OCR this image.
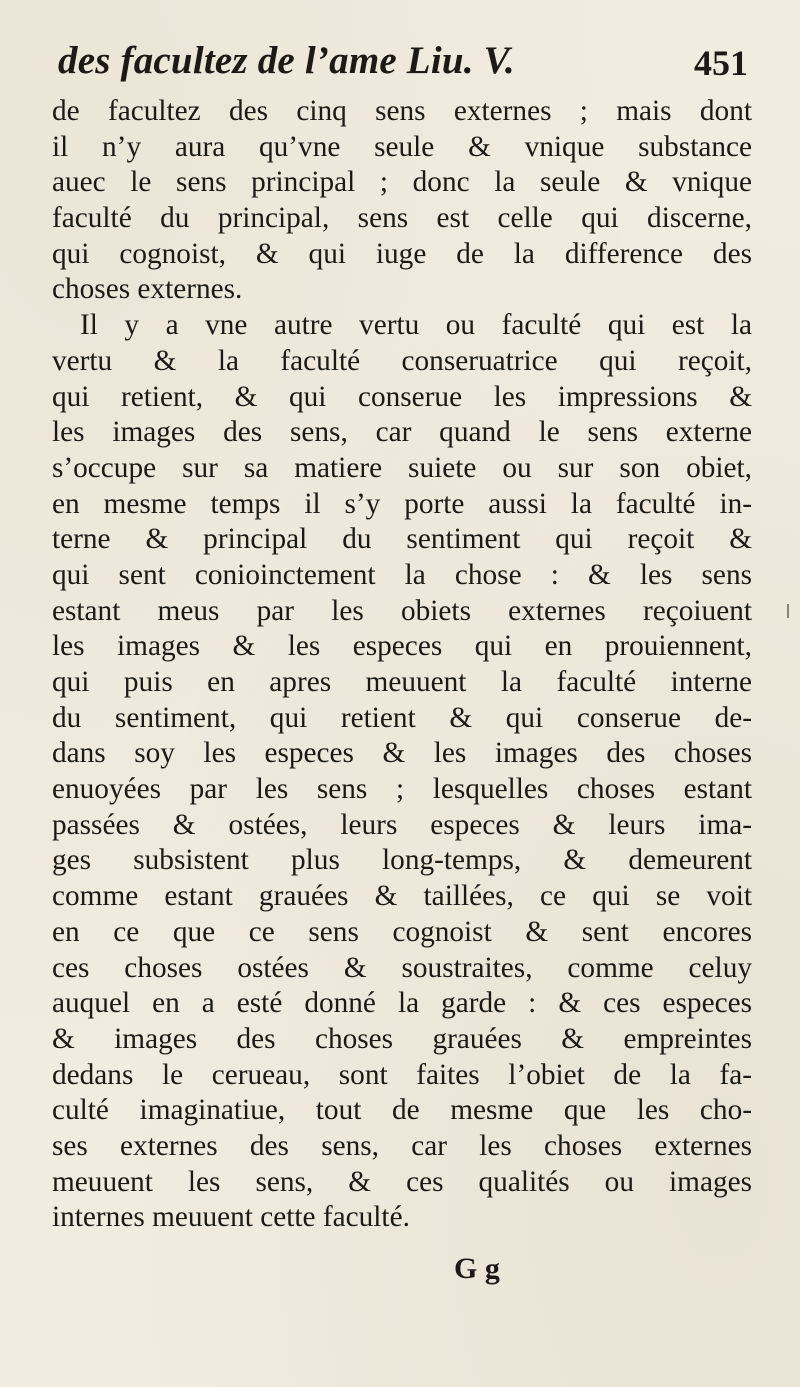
des facultez de l’ame Liu. V.	451
de facultez des cinq sens externes ; mais dont
il n’y aura qu’vne seule & vnique substance
auec le sens principal ; donc la seule & vnique
faculté du principal, sens est celle qui discerne,
qui cognoist, & qui iuge de la difference des
choses externes.
Il y a vne autre vertu ou faculté qui est la
vertu & la faculté conseruatrice qui reçoit,
qui retient, & qui conserue les impressions &
les images des sens, car quand le sens externe
s’occupe sur sa matiere suiete ou sur son obiet,
en mesme temps il s’y porte aussi la faculté in-
terne & principal du sentiment qui reçoit &
qui sent conioinctement la chose : & les sens
estant meus par les obiets externes reçoiuent
les images & les especes qui en prouiennent,
qui puis en apres meuuent la faculté interne
du sentiment, qui retient & qui conserue de-
dans soy les especes & les images des choses
enuoyées par les sens ; lesquelles choses estant
passées & ostées, leurs especes & leurs ima-
ges subsistent plus long-temps, & demeurent
comme estant grauées & taillées, ce qui se voit
en ce que ce sens cognoist & sent encores
ces choses ostées & soustraites, comme celuy
auquel en a esté donné la garde : & ces especes
& images des choses grauées & empreintes
dedans le cerueau, sont faites l’obiet de la fa-
culté imaginatiue, tout de mesme que les cho-
ses externes des sens, car les choses externes
meuuent les sens, & ces qualités ou images
internes meuuent cette faculté.
G g
